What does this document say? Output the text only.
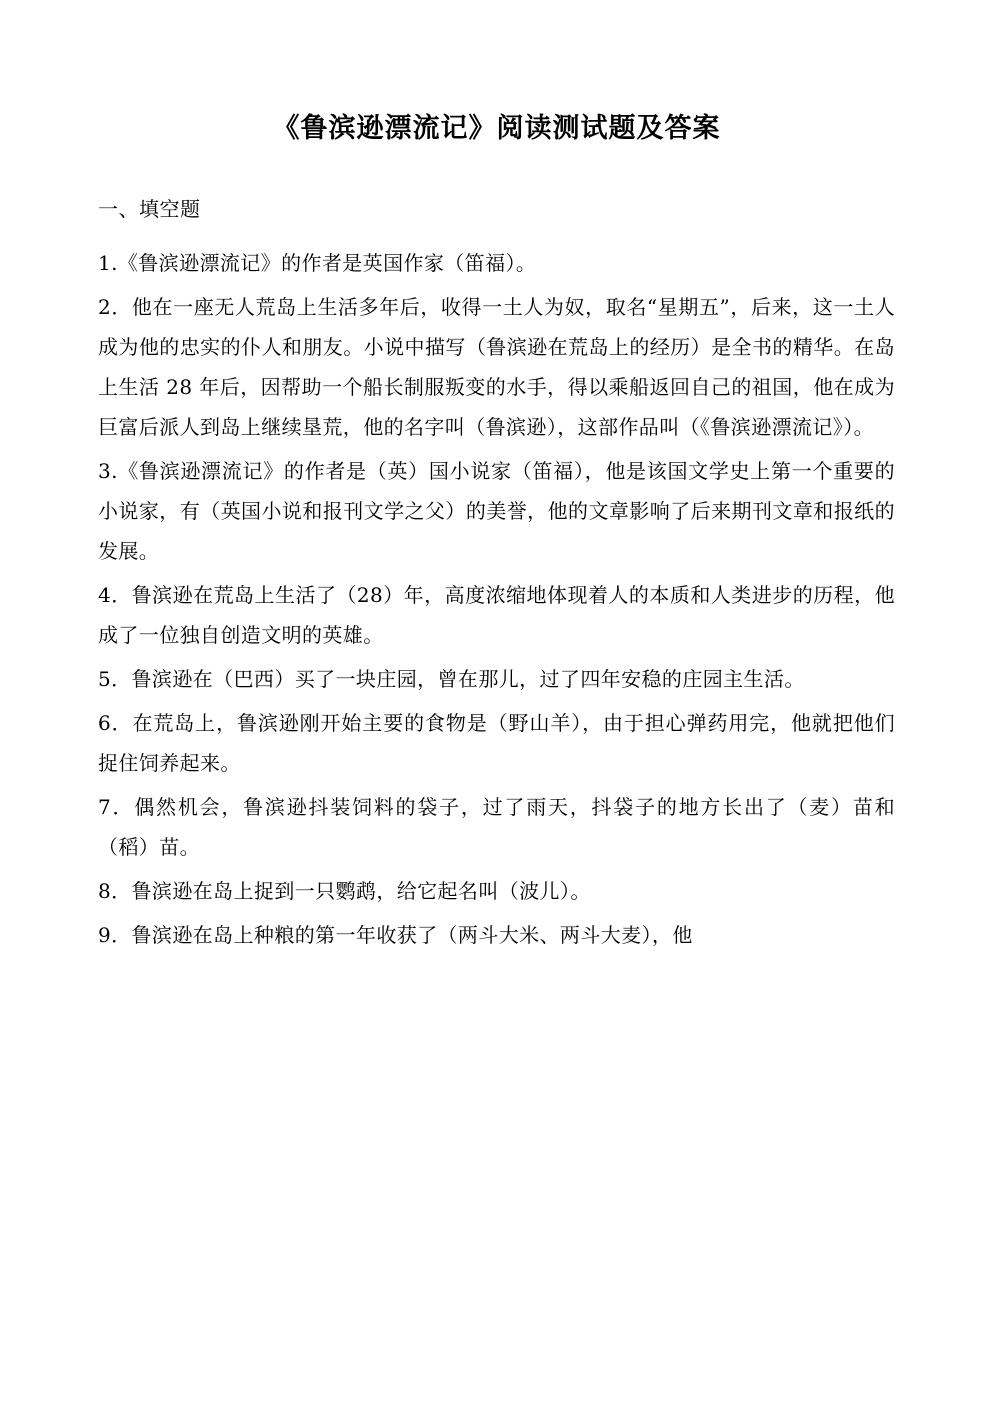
《鲁滨逊漂流记》阅读测试题及答案

一、填空题

1.《鲁滨逊漂流记》的作者是英国作家（笛福）。

2．他在一座无人荒岛上生活多年后，收得一土人为奴，取名“星期五”，后来，这一土人成为他的忠实的仆人和朋友。小说中描写（鲁滨逊在荒岛上的经历）是全书的精华。在岛上生活 28 年后，因帮助一个船长制服叛变的水手，得以乘船返回自己的祖国，他在成为巨富后派人到岛上继续垦荒，他的名字叫（鲁滨逊），这部作品叫（《鲁滨逊漂流记》）。

3.《鲁滨逊漂流记》的作者是（英）国小说家（笛福），他是该国文学史上第一个重要的小说家，有（英国小说和报刊文学之父）的美誉，他的文章影响了后来期刊文章和报纸的发展。

4．鲁滨逊在荒岛上生活了（28）年，高度浓缩地体现着人的本质和人类进步的历程，他成了一位独自创造文明的英雄。

5．鲁滨逊在（巴西）买了一块庄园，曾在那儿，过了四年安稳的庄园主生活。

6．在荒岛上，鲁滨逊刚开始主要的食物是（野山羊），由于担心弹药用完，他就把他们捉住饲养起来。

7．偶然机会，鲁滨逊抖装饲料的袋子，过了雨天，抖袋子的地方长出了（麦）苗和（稻）苗。

8．鲁滨逊在岛上捉到一只鹦鹉，给它起名叫（波儿）。

9．鲁滨逊在岛上种粮的第一年收获了（两斗大米、两斗大麦），他
